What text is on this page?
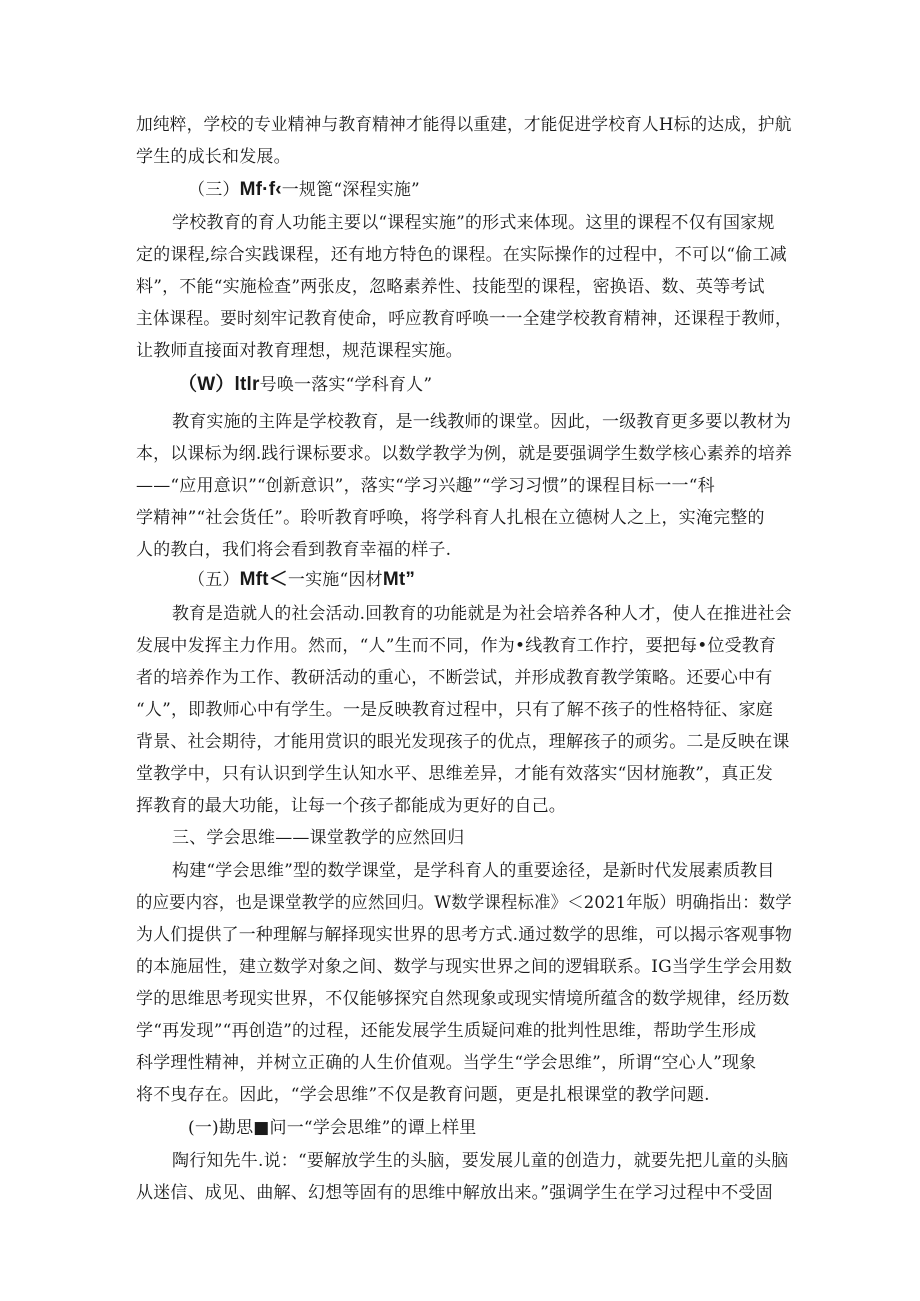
加纯粹，学校的专业精神与教育精神才能得以重建，才能促进学校育人H标的达成，护航
学生的成长和发展。
（三）Mf·f‹一规篦“深程实施”
学校教育的育人功能主要以“课程实施”的形式来体现。这里的课程不仅有国家规
定的课程,综合实践课程，还有地方特色的课程。在实际操作的过程中，不可以“偷工减
料”，不能“实施检查”两张皮，忽略素养性、技能型的课程，密换语、数、英等考试
主体课程。要时刻牢记教育使命，呼应教育呼唤一一全建学校教育精神，还课程于教师，
让教师直接面对教育理想，规范课程实施。
（W）ltlr号唤一落实“学科育人”
教育实施的主阵是学校教育，是一线教师的课堂。因此，一级教育更多要以教材为
本，以课标为纲.践行课标要求。以数学教学为例，就是要强调学生数学核心素养的培养
——“应用意识”“创新意识”，落实“学习兴趣”“学习习惯”的课程目标一一“科
学精神”“社会货任”。聆听教育呼唤，将学科育人扎根在立德树人之上，实淹完整的
人的教白，我们将会看到教育幸福的样子.
（五）Mft＜一实施“因材Mt”
教育是造就人的社会活动.回教育的功能就是为社会培养各种人才，使人在推进社会
发展中发挥主力作用。然而，“人”生而不同，作为•线教育工作拧，要把每•位受教育
者的培养作为工作、教研活动的重心，不断尝试，并形成教育教学策略。还要心中有
“人”，即教师心中有学生。一是反映教育过程中，只有了解不孩子的性格特征、家庭
背景、社会期待，才能用赏识的眼光发现孩子的优点，理解孩子的顽劣。二是反映在课
堂教学中，只有认识到学生认知水平、思维差异，才能有效落实“因材施教”，真正发
挥教育的最大功能，让每一个孩子都能成为更好的自己。
三、学会思维——课堂教学的应然回归
构建“学会思维”型的数学课堂，是学科育人的重要途径，是新时代发展素质教目
的应要内容，也是课堂教学的应然回归。W数学课程标准》＜2021年版）明确指出：数学
为人们提供了一种理解与解择现实世界的思考方式.通过数学的思维，可以揭示客观事物
的本施屈性，建立数学对象之间、数学与现实世界之间的逻辑联系。IG当学生学会用数
学的思维思考现实世界，不仅能够探究自然现象或现实情境所蕴含的数学规律，经历数
学“再发现”“再创造”的过程，还能发展学生质疑问难的批判性思维，帮助学生形成
科学理性精神，并树立正确的人生价值观。当学生“学会思维”，所谓“空心人”现象
将不曳存在。因此，“学会思维”不仅是教育问题，更是扎根课堂的教学问题.
(一)勘思■问一“学会思维”的谭上样里
陶行知先牛.说：“要解放学生的头脑，要发展儿童的创造力，就要先把儿童的头脑
从迷信、成见、曲解、幻想等固有的思维中解放出来。”强调学生在学习过程中不受固
